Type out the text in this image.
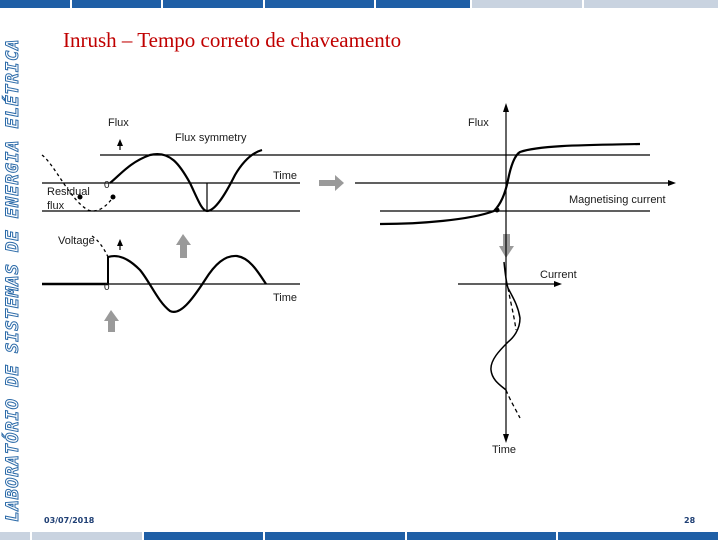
LABORATÓRIO DE SISTEMAS DE ENERGIA ELÉTRICA Inrush – Tempo correto de chaveamento
Flux
Flux symmetry
Time
0
Residual
flux
Voltage
0
Time
Flux
Magnetising current
Current
Time
03/07/2018	28
